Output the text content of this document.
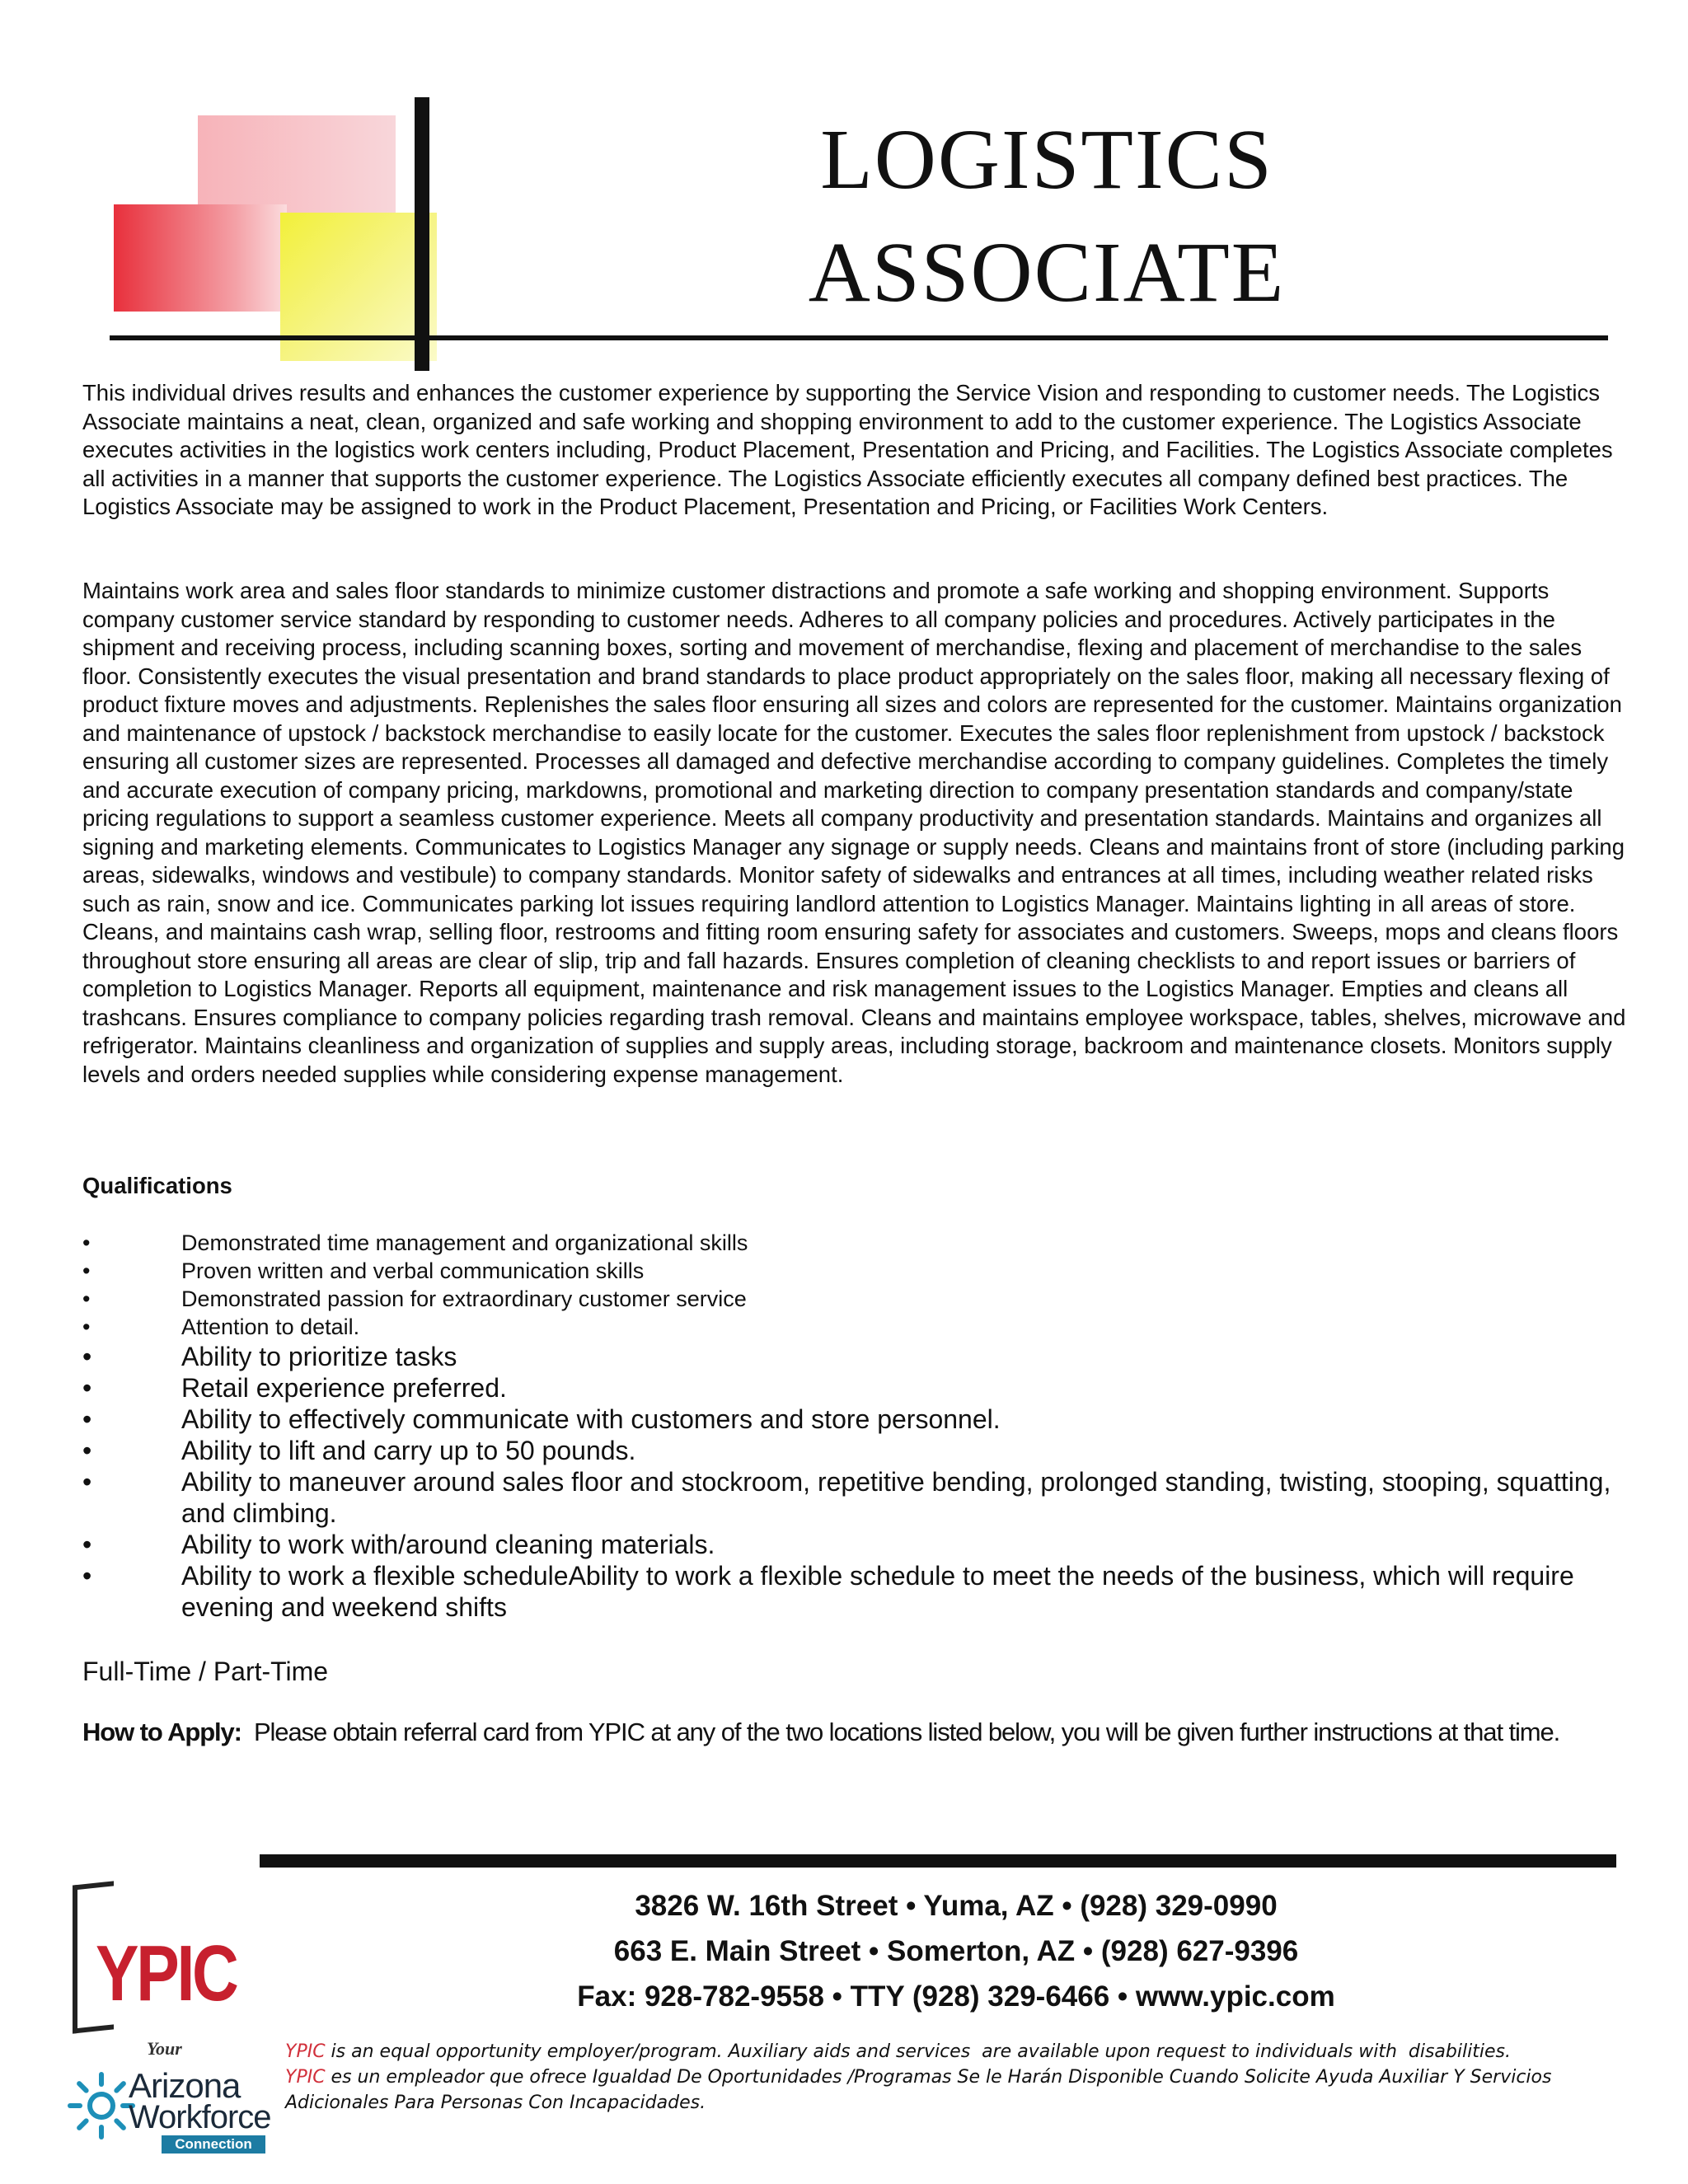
LOGISTICS
ASSOCIATE

This individual drives results and enhances the customer experience by supporting the Service Vision and responding to customer needs. The Logistics Associate maintains a neat, clean, organized and safe working and shopping environment to add to the customer experience. The Logistics Associate executes activities in the logistics work centers including, Product Placement, Presentation and Pricing, and Facilities. The Logistics Associate completes all activities in a manner that supports the customer experience. The Logistics Associate efficiently executes all company defined best practices. The Logistics Associate may be assigned to work in the Product Placement, Presentation and Pricing, or Facilities Work Centers.

Maintains work area and sales floor standards to minimize customer distractions and promote a safe working and shopping environment. Supports company customer service standard by responding to customer needs. Adheres to all company policies and procedures. Actively participates in the shipment and receiving process, including scanning boxes, sorting and movement of merchandise, flexing and placement of merchandise to the sales floor. Consistently executes the visual presentation and brand standards to place product appropriately on the sales floor, making all necessary flexing of product fixture moves and adjustments. Replenishes the sales floor ensuring all sizes and colors are represented for the customer. Maintains organization and maintenance of upstock / backstock merchandise to easily locate for the customer. Executes the sales floor replenishment from upstock / backstock ensuring all customer sizes are represented. Processes all damaged and defective merchandise according to company guidelines. Completes the timely and accurate execution of company pricing, markdowns, promotional and marketing direction to company presentation standards and company/state pricing regulations to support a seamless customer experience. Meets all company productivity and presentation standards. Maintains and organizes all signing and marketing elements. Communicates to Logistics Manager any signage or supply needs. Cleans and maintains front of store (including parking areas, sidewalks, windows and vestibule) to company standards. Monitor safety of sidewalks and entrances at all times, including weather related risks such as rain, snow and ice. Communicates parking lot issues requiring landlord attention to Logistics Manager. Maintains lighting in all areas of store. Cleans, and maintains cash wrap, selling floor, restrooms and fitting room ensuring safety for associates and customers. Sweeps, mops and cleans floors throughout store ensuring all areas are clear of slip, trip and fall hazards. Ensures completion of cleaning checklists to and report issues or barriers of completion to Logistics Manager. Reports all equipment, maintenance and risk management issues to the Logistics Manager. Empties and cleans all trashcans. Ensures compliance to company policies regarding trash removal. Cleans and maintains employee workspace, tables, shelves, microwave and refrigerator. Maintains cleanliness and organization of supplies and supply areas, including storage, backroom and maintenance closets. Monitors supply levels and orders needed supplies while considering expense management.

Qualifications
•	Demonstrated time management and organizational skills
•	Proven written and verbal communication skills
•	Demonstrated passion for extraordinary customer service
•	Attention to detail.
•	Ability to prioritize tasks
•	Retail experience preferred.
•	Ability to effectively communicate with customers and store personnel.
•	Ability to lift and carry up to 50 pounds.
•	Ability to maneuver around sales floor and stockroom, repetitive bending, prolonged standing, twisting, stooping, squatting, and climbing.
•	Ability to work with/around cleaning materials.
•	Ability to work a flexible scheduleAbility to work a flexible schedule to meet the needs of the business, which will require evening and weekend shifts
Full-Time / Part-Time
How to Apply:  Please obtain referral card from YPIC at any of the two locations listed below, you will be given further instructions at that time.
3826 W. 16th Street • Yuma, AZ • (928) 329-0990
663 E. Main Street • Somerton, AZ • (928) 627-9396
Fax: 928-782-9558 • TTY (928) 329-6466 • www.ypic.com
YPIC is an equal opportunity employer/program. Auxiliary aids and services  are available upon request to individuals with  disabilities.
YPIC es un empleador que ofrece Igualdad De Oportunidades /Programas Se le Harán Disponible Cuando Solicite Ayuda Auxiliar Y Servicios
Adicionales Para Personas Con Incapacidades.
YPIC
Your
Arizona
Workforce
Connection
